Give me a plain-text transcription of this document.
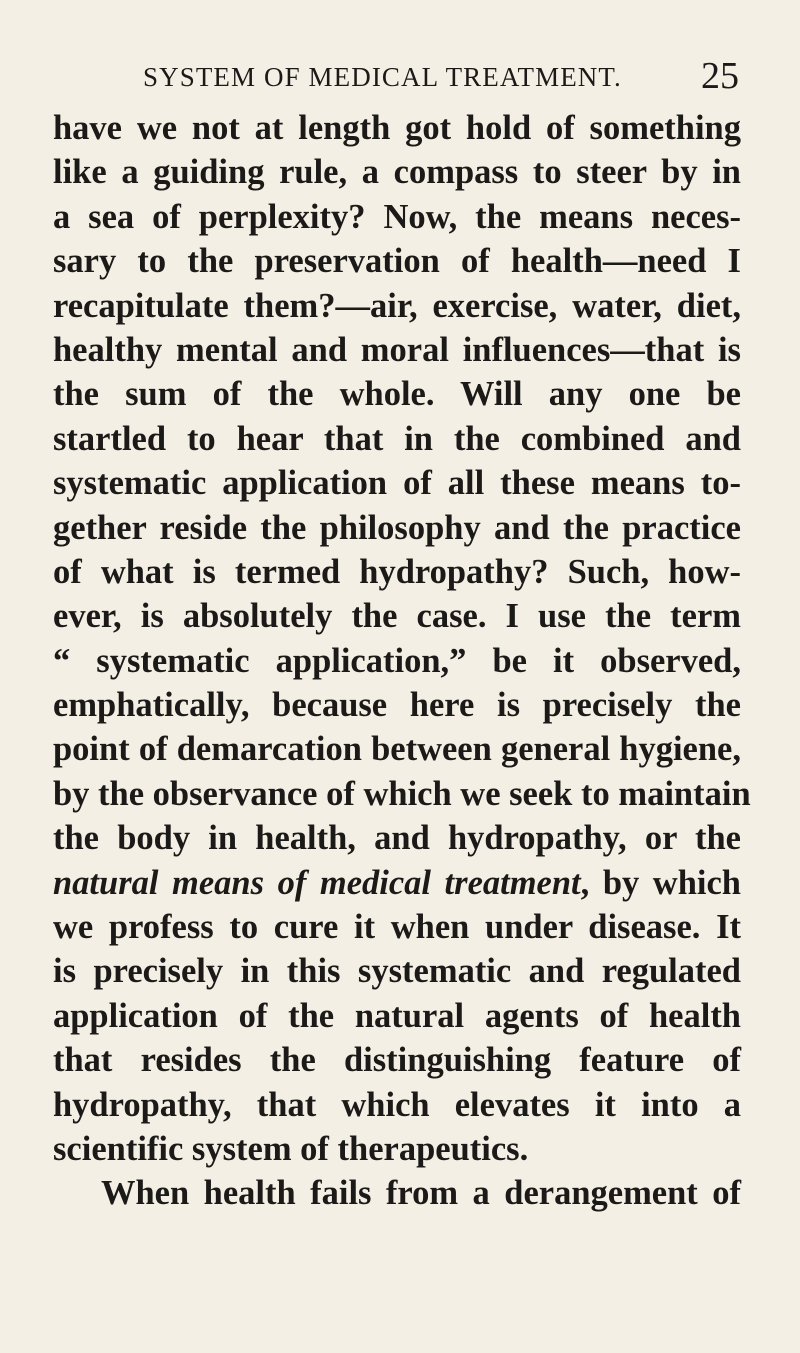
SYSTEM OF MEDICAL TREATMENT. 25
have we not at length got hold of something
like a guiding rule, a compass to steer by in
a sea of perplexity? Now, the means neces-
sary to the preservation of health—need I
recapitulate them?—air, exercise, water, diet,
healthy mental and moral influences—that is
the sum of the whole. Will any one be
startled to hear that in the combined and
systematic application of all these means to-
gether reside the philosophy and the practice
of what is termed hydropathy? Such, how-
ever, is absolutely the case. I use the term
“ systematic application,” be it observed,
emphatically, because here is precisely the
point of demarcation between general hygiene,
by the observance of which we seek to maintain
the body in health, and hydropathy, or the
natural means of medical treatment, by which
we profess to cure it when under disease. It
is precisely in this systematic and regulated
application of the natural agents of health
that resides the distinguishing feature of
hydropathy, that which elevates it into a
scientific system of therapeutics.
When health fails from a derangement of
